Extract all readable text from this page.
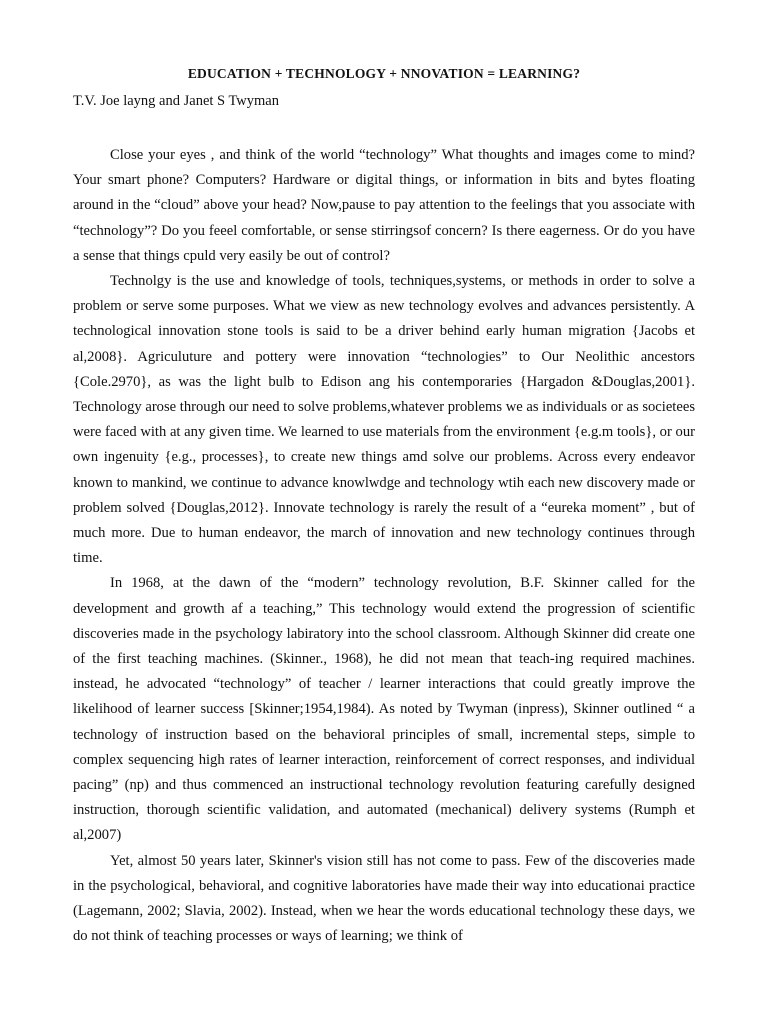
EDUCATION + TECHNOLOGY + NNOVATION = LEARNING?

T.V. Joe layng and Janet S Twyman

Close your eyes , and think of the world “technology” What thoughts and images come to mind? Your smart phone? Computers? Hardware or digital things, or information in bits and bytes floating around in the “cloud” above your head? Now,pause to pay attention to the feelings that you associate with “technology”? Do you feeel comfortable, or sense stirringsof concern? Is there eagerness. Or do you have a sense that things cpuld very easily be out of control?

Technolgy is the use and knowledge of tools, techniques,systems, or methods in order to solve a problem or serve some purposes. What we view as new technology evolves and advances persistently. A technological innovation stone tools is said to be a driver behind early human migration {Jacobs et al,2008}. Agriculuture and pottery were innovation “technologies” to Our Neolithic ancestors {Cole.2970}, as was the light bulb to Edison ang his contemporaries {Hargadon &Douglas,2001}. Technology arose through our need to solve problems,whatever problems we as individuals or as societees were faced with at any given time. We learned to use materials from the environment {e.g.m tools}, or our own ingenuity {e.g., processes}, to create new things amd solve our problems. Across every endeavor known to mankind, we continue to advance knowlwdge and technology wtih each new discovery made or problem solved {Douglas,2012}. Innovate technology is rarely the result of a “eureka moment” , but of much more. Due to human endeavor, the march of innovation and new technology continues through time.

In 1968, at the dawn of the “modern” technology revolution, B.F. Skinner called for the development and growth af a teaching,” This technology would extend the progression of scientific discoveries made in the psychology labiratory into the school classroom. Although Skinner did create one of the first teaching machines. (Skinner., 1968), he did not mean that teach-ing required machines. instead, he advocated “technology” of teacher / learner interactions that could greatly improve the likelihood of learner success [Skinner;1954,1984). As noted by Twyman (inpress), Skinner outlined “ a technology of instruction based on the behavioral principles of small, incremental steps, simple to complex sequencing high rates of learner interaction, reinforcement of correct responses, and individual pacing” (np) and thus commenced an instructional technology revolution featuring carefully designed instruction, thorough scientific validation, and automated (mechanical) delivery systems (Rumph et al,2007)

Yet, almost 50 years later, Skinner's vision still has not come to pass. Few of the discoveries made in the psychological, behavioral, and cognitive laboratories have made their way into educationai practice (Lagemann, 2002; Slavia, 2002). Instead, when we hear the words educational technology these days, we do not think of teaching processes or ways of learning; we think of
